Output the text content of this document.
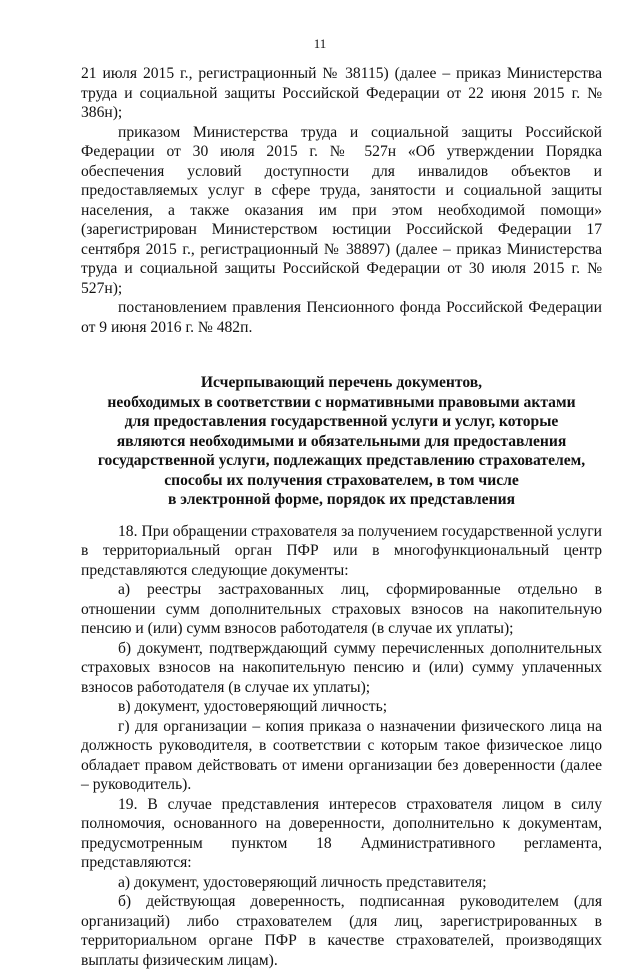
11

21 июля 2015 г., регистрационный № 38115) (далее – приказ Министерства труда и социальной защиты Российской Федерации от 22 июня 2015 г. № 386н);

приказом Министерства труда и социальной защиты Российской Федерации от 30 июля 2015 г. № 527н «Об утверждении Порядка обеспечения условий доступности для инвалидов объектов и предоставляемых услуг в сфере труда, занятости и социальной защиты населения, а также оказания им при этом необходимой помощи» (зарегистрирован Министерством юстиции Российской Федерации 17 сентября 2015 г., регистрационный № 38897) (далее – приказ Министерства труда и социальной защиты Российской Федерации от 30 июля 2015 г. № 527н);

постановлением правления Пенсионного фонда Российской Федерации от 9 июня 2016 г. № 482п.

Исчерпывающий перечень документов,
необходимых в соответствии с нормативными правовыми актами
для предоставления государственной услуги и услуг, которые
являются необходимыми и обязательными для предоставления
государственной услуги, подлежащих представлению страхователем,
способы их получения страхователем, в том числе
в электронной форме, порядок их представления

18. При обращении страхователя за получением государственной услуги в территориальный орган ПФР или в многофункциональный центр представляются следующие документы:

а) реестры застрахованных лиц, сформированные отдельно в отношении сумм дополнительных страховых взносов на накопительную пенсию и (или) сумм взносов работодателя (в случае их уплаты);

б) документ, подтверждающий сумму перечисленных дополнительных страховых взносов на накопительную пенсию и (или) сумму уплаченных взносов работодателя (в случае их уплаты);

в) документ, удостоверяющий личность;

г) для организации – копия приказа о назначении физического лица на должность руководителя, в соответствии с которым такое физическое лицо обладает правом действовать от имени организации без доверенности (далее – руководитель).

19. В случае представления интересов страхователя лицом в силу полномочия, основанного на доверенности, дополнительно к документам, предусмотренным пунктом 18 Административного регламента, представляются:

а) документ, удостоверяющий личность представителя;

б) действующая доверенность, подписанная руководителем (для организаций) либо страхователем (для лиц, зарегистрированных в территориальном органе ПФР в качестве страхователей, производящих выплаты физическим лицам).
